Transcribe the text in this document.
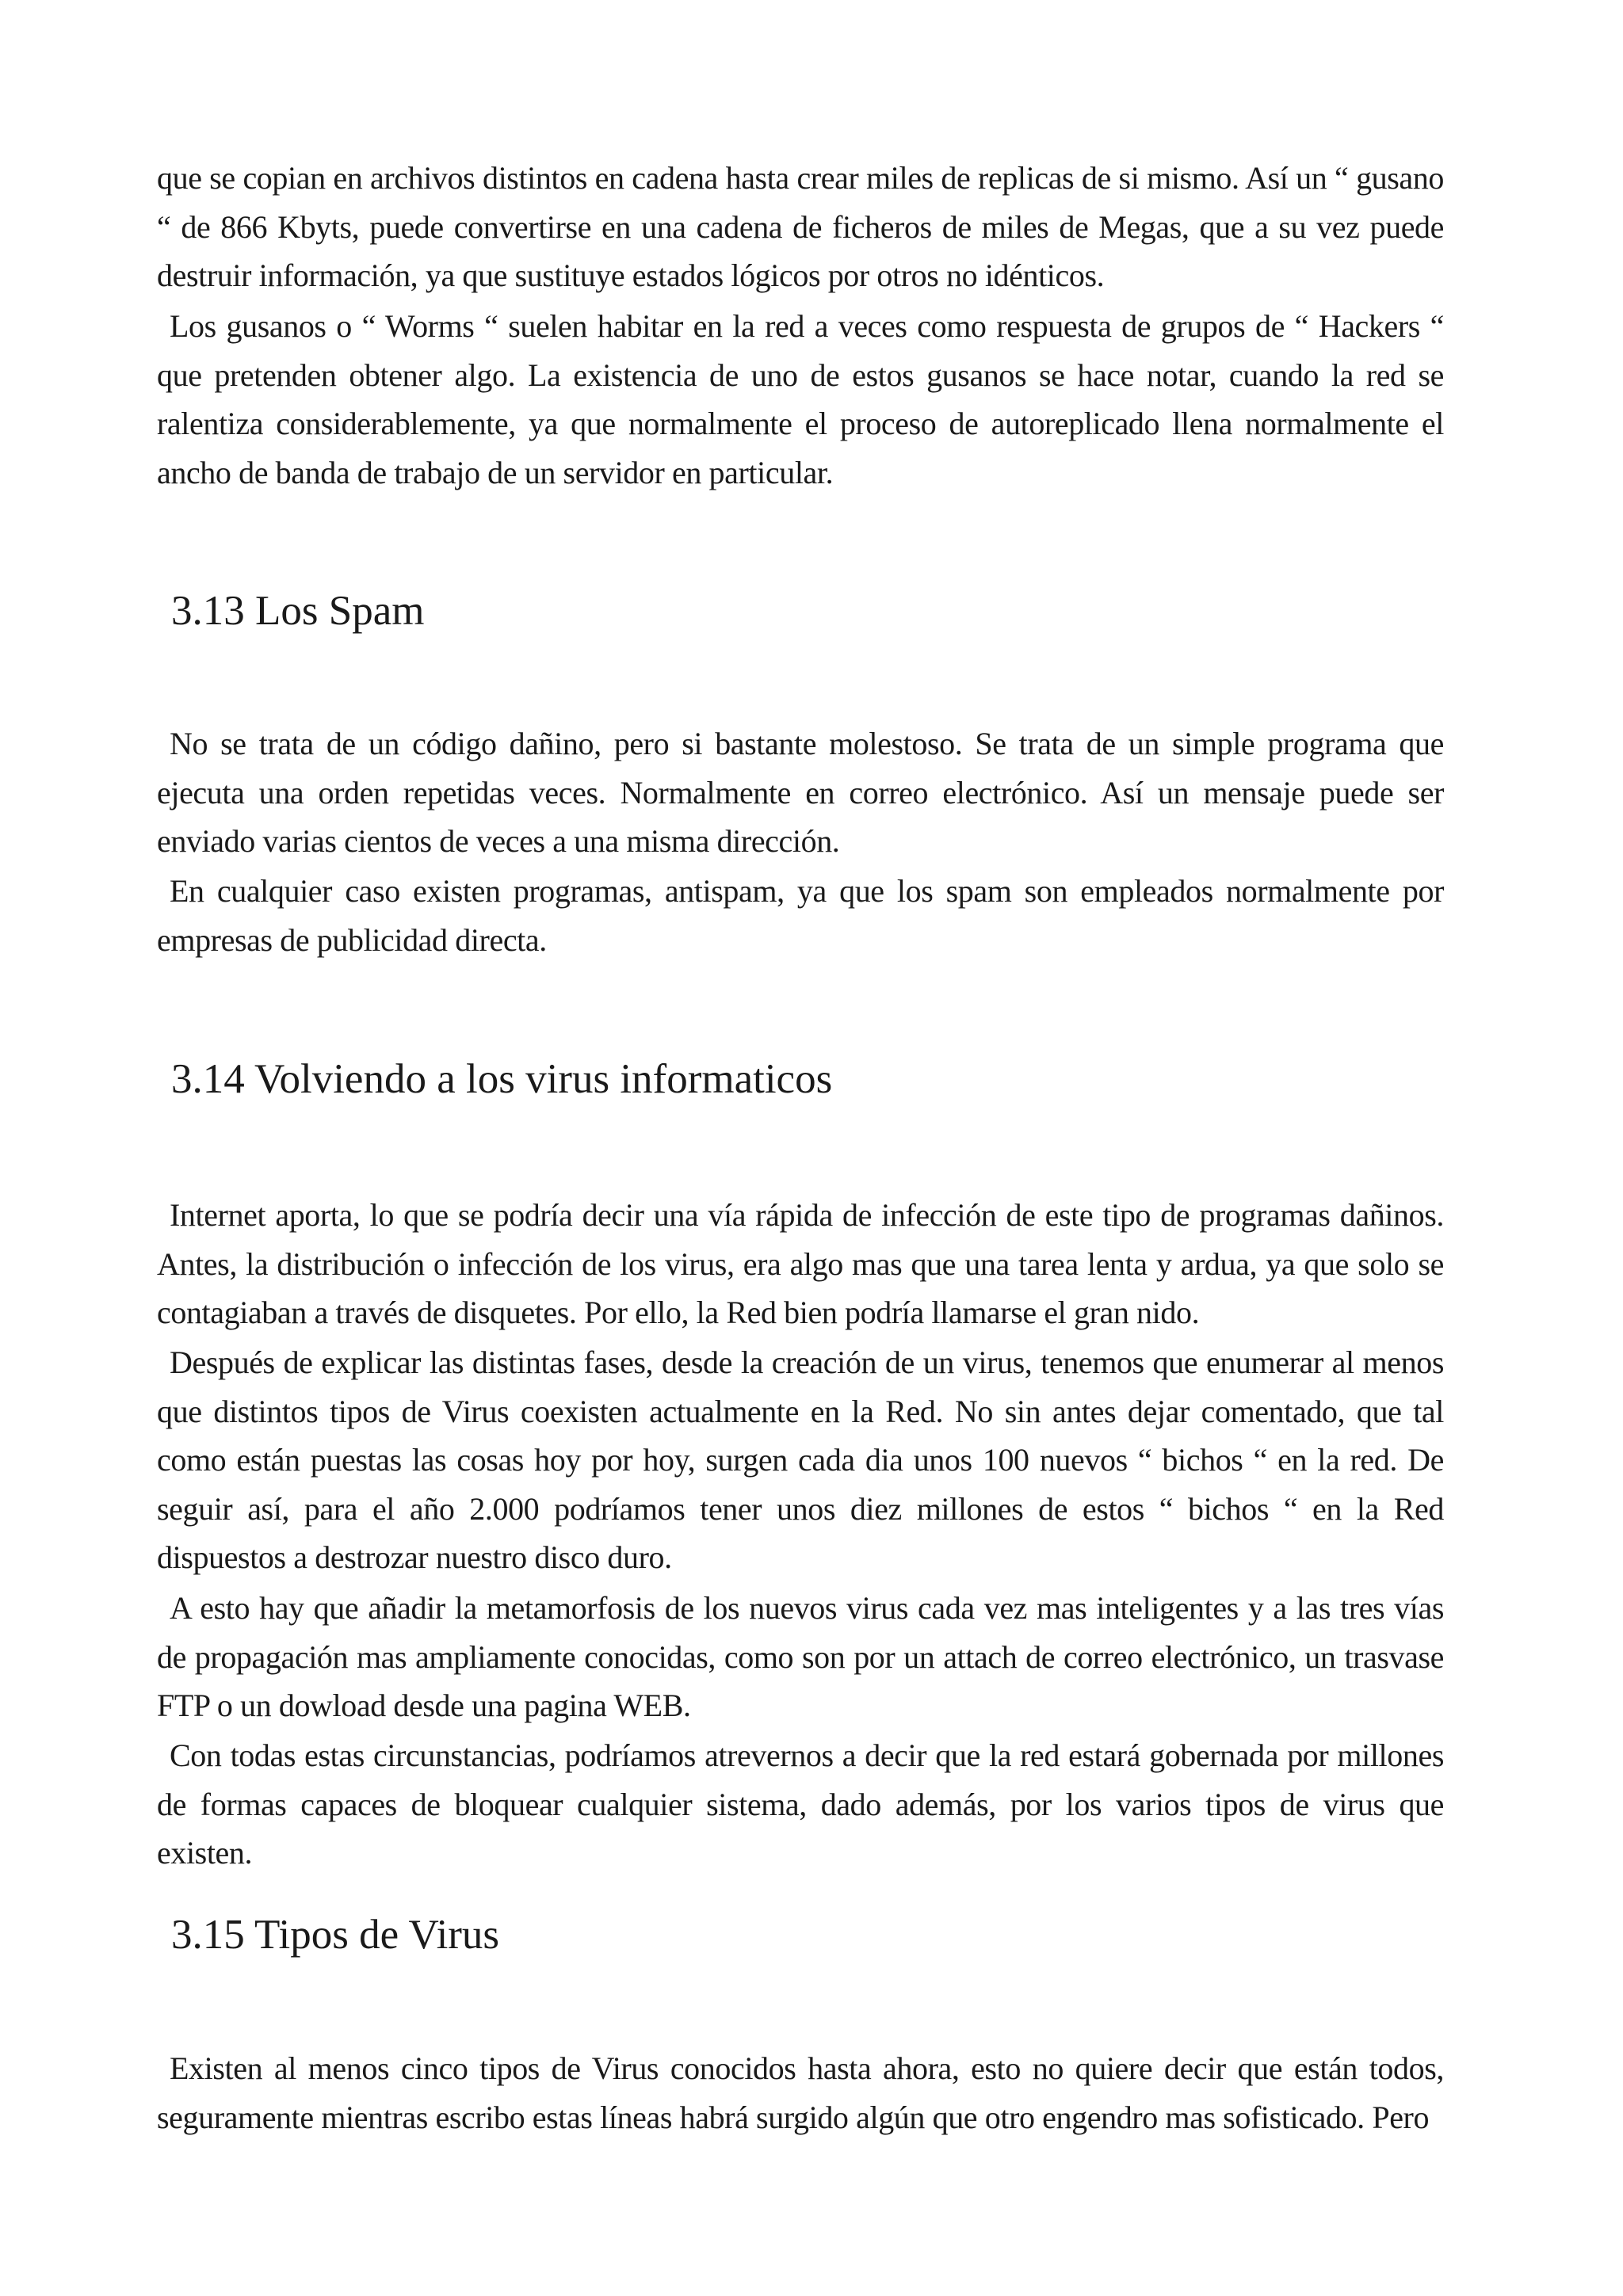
que se copian en archivos distintos en cadena hasta crear miles de replicas de si mismo. Así un “ gusano “ de 866 Kbyts, puede convertirse en una cadena de ficheros de miles de Megas, que a su vez puede destruir información, ya que sustituye estados lógicos por otros no idénticos.

Los gusanos o “ Worms “ suelen habitar en la red a veces como respuesta de grupos de “ Hackers “ que pretenden obtener algo. La existencia de uno de estos gusanos se hace notar, cuando la red se ralentiza considerablemente, ya que normalmente el proceso de autoreplicado llena normalmente el ancho de banda de trabajo de un servidor en particular.

3.13 Los Spam

No se trata de un código dañino, pero si bastante molestoso. Se trata de un simple programa que ejecuta una orden repetidas veces. Normalmente en correo electrónico. Así un mensaje puede ser enviado varias cientos de veces a una misma dirección.

En cualquier caso existen programas, antispam, ya que los spam son empleados normalmente por empresas de publicidad directa.

3.14 Volviendo a los virus informaticos

Internet aporta, lo que se podría decir una vía rápida de infección de este tipo de programas dañinos. Antes, la distribución o infección de los virus, era algo mas que una tarea lenta y ardua, ya que solo se contagiaban a través de disquetes. Por ello, la Red bien podría llamarse el gran nido.

Después de explicar las distintas fases, desde la creación de un virus, tenemos que enumerar al menos que distintos tipos de Virus coexisten actualmente en la Red. No sin antes dejar comentado, que tal como están puestas las cosas hoy por hoy, surgen cada dia unos 100 nuevos “ bichos “ en la red. De seguir así, para el año 2.000 podríamos tener unos diez millones de estos “ bichos “ en la Red dispuestos a destrozar nuestro disco duro.

A esto hay que añadir la metamorfosis de los nuevos virus cada vez mas inteligentes y a las tres vías de propagación mas ampliamente conocidas, como son por un attach de correo electrónico, un trasvase FTP o un dowload desde una pagina WEB.

Con todas estas circunstancias, podríamos atrevernos a decir que la red estará gobernada por millones de formas capaces de bloquear cualquier sistema, dado además, por los varios tipos de virus que existen.

3.15 Tipos de Virus

Existen al menos cinco tipos de Virus conocidos hasta ahora, esto no quiere decir que están todos, seguramente mientras escribo estas líneas habrá surgido algún que otro engendro mas sofisticado. Pero
